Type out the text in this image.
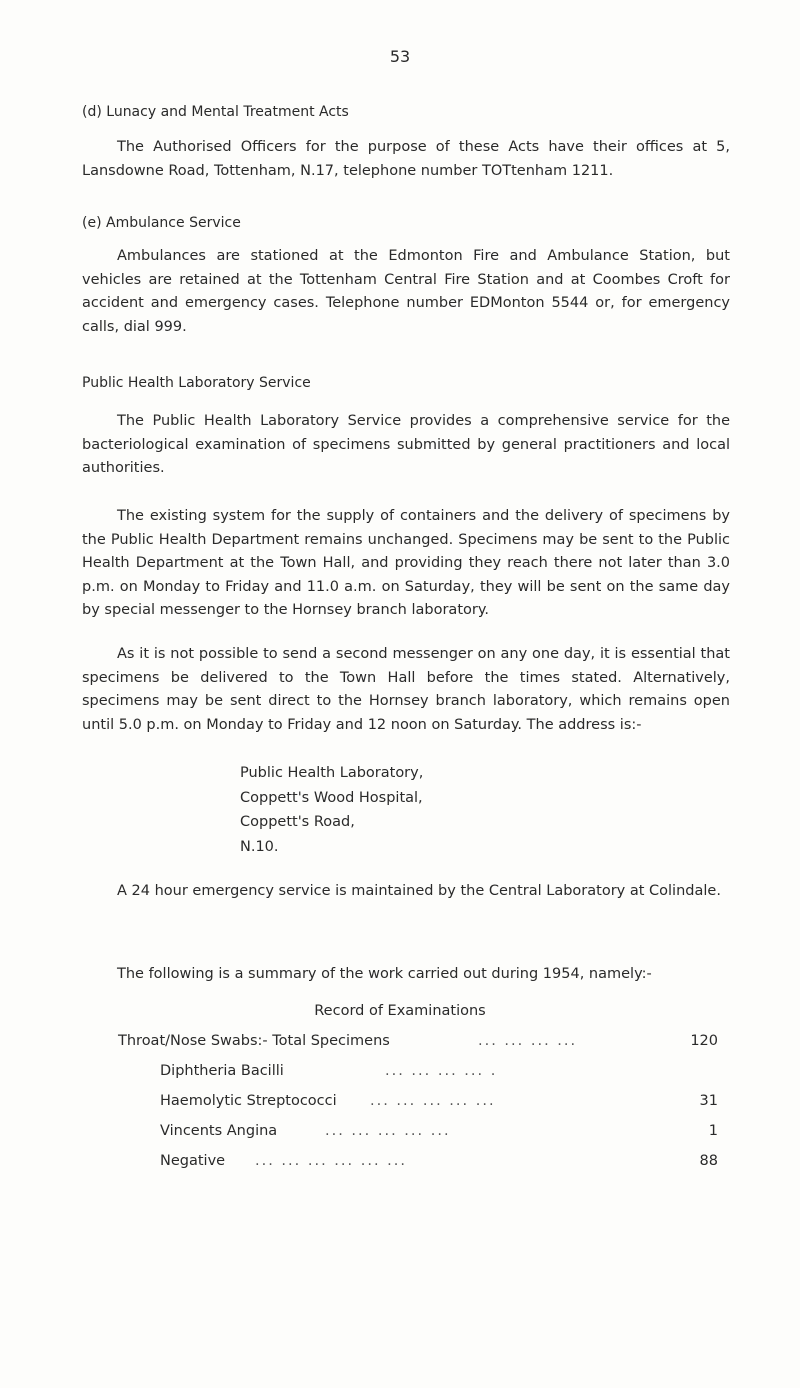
53
(d) Lunacy and Mental Treatment Acts

The Authorised Officers for the purpose of these Acts have their offices at 5, Lansdowne Road, Tottenham, N.17, telephone number TOTtenham 1211.

(e) Ambulance Service

Ambulances are stationed at the Edmonton Fire and Ambulance Station, but vehicles are retained at the Tottenham Central Fire Station and at Coombes Croft for accident and emergency cases. Telephone number EDMonton 5544 or, for emergency calls, dial 999.

Public Health Laboratory Service

The Public Health Laboratory Service provides a comprehensive service for the bacteriological examination of specimens submitted by general practitioners and local authorities.

The existing system for the supply of containers and the delivery of specimens by the Public Health Department remains unchanged. Specimens may be sent to the Public Health Department at the Town Hall, and providing they reach there not later than 3.0 p.m. on Monday to Friday and 11.0 a.m. on Saturday, they will be sent on the same day by special messenger to the Hornsey branch laboratory.

As it is not possible to send a second messenger on any one day, it is essential that specimens be delivered to the Town Hall before the times stated. Alternatively, specimens may be sent direct to the Hornsey branch laboratory, which remains open until 5.0 p.m. on Monday to Friday and 12 noon on Saturday. The address is:-

Public Health Laboratory,
Coppett's Wood Hospital,
Coppett's Road,
N.10.

A 24 hour emergency service is maintained by the Central Laboratory at Colindale.

The following is a summary of the work carried out during 1954, namely:-

Record of Examinations
Throat/Nose Swabs:- Total Specimens	... ... ... ...	120
Diphtheria Bacilli	... ... ... ... .
Haemolytic Streptococci ... ... ... ... ...	31
Vincents Angina	... ... ... ... ...	1
Negative ... ... ... ... ... ...	88
